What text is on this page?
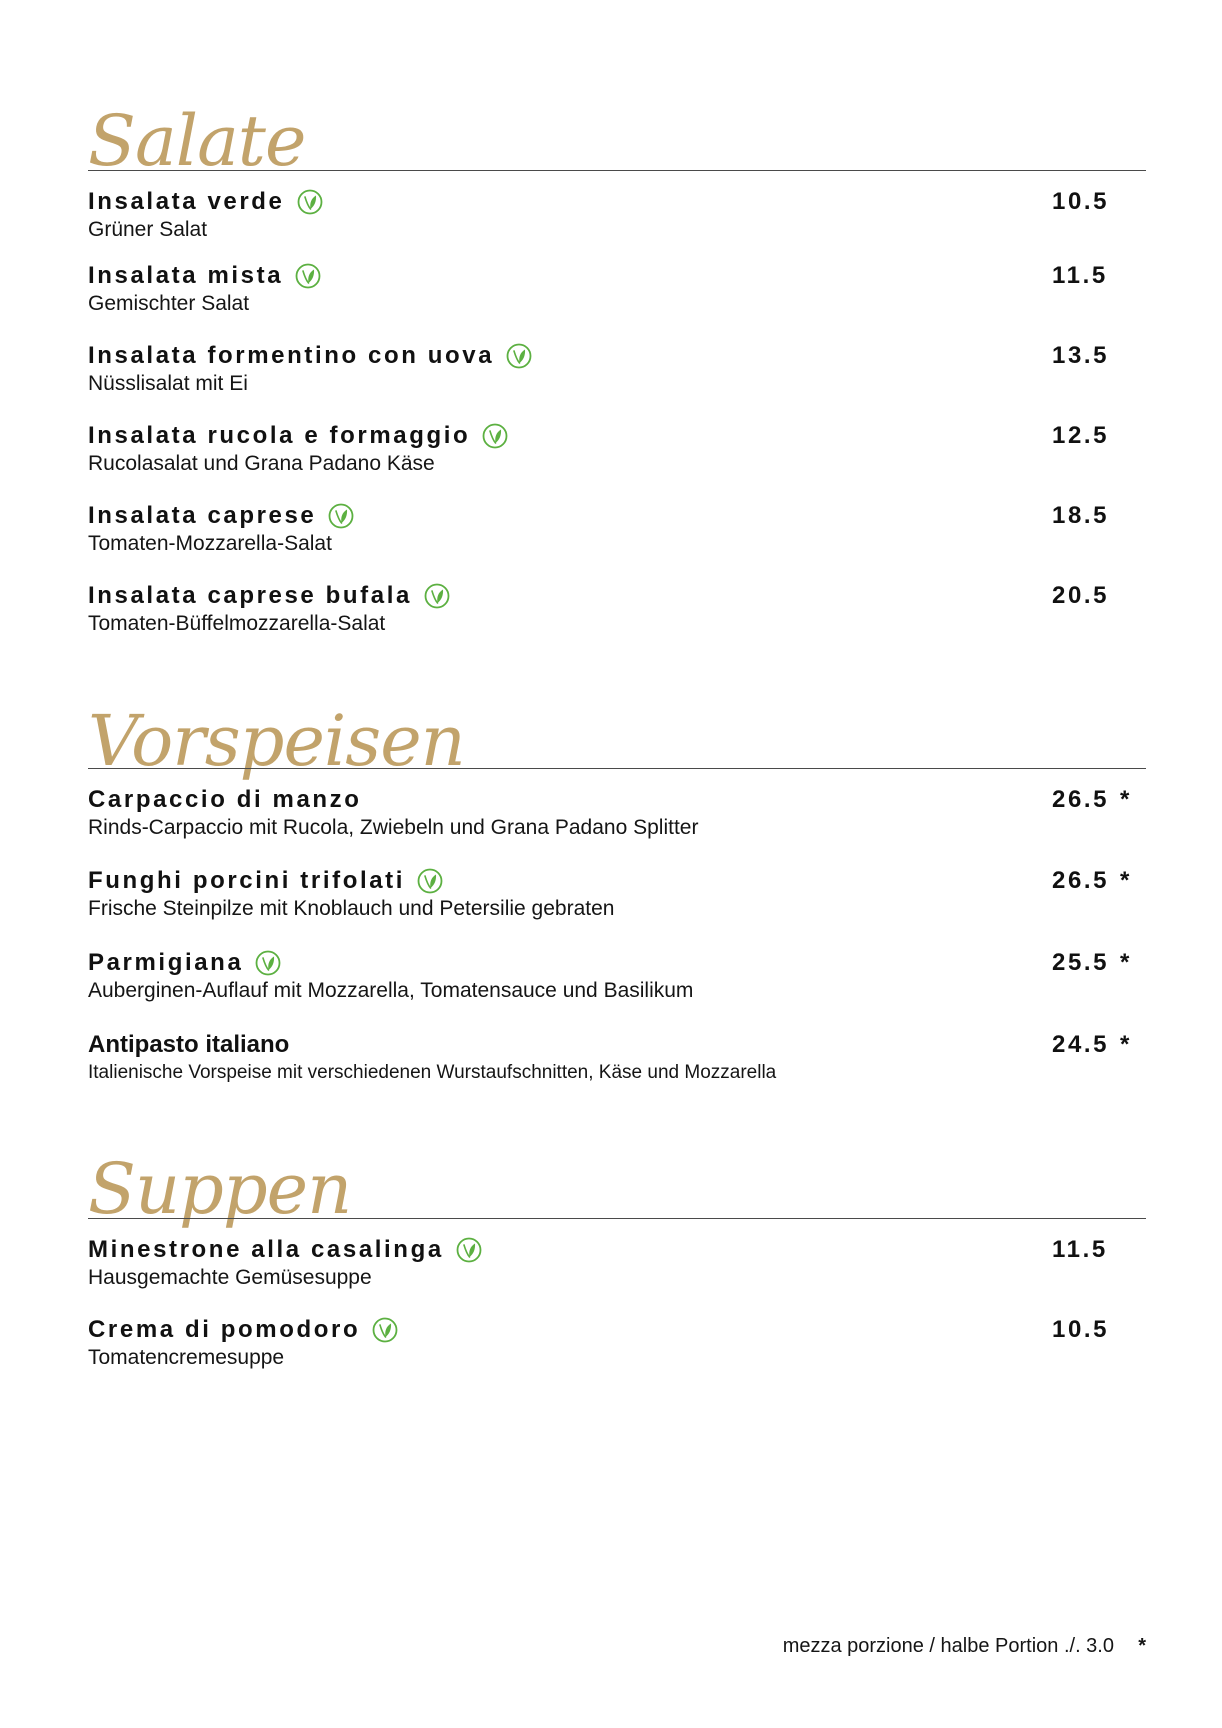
Salate
Insalata verde
Grüner Salat
10.5
Insalata mista
Gemischter Salat
11.5
Insalata formentino con uova
Nüsslisalat mit Ei
13.5
Insalata rucola e formaggio
Rucolasalat und Grana Padano Käse
12.5
Insalata caprese
Tomaten-Mozzarella-Salat
18.5
Insalata caprese bufala
Tomaten-Büffelmozzarella-Salat
20.5
Vorspeisen
Carpaccio di manzo
Rinds-Carpaccio mit Rucola, Zwiebeln und Grana Padano Splitter
26.5 *
Funghi porcini trifolati
Frische Steinpilze mit Knoblauch und Petersilie gebraten
26.5 *
Parmigiana
Auberginen-Auflauf mit Mozzarella, Tomatensauce und Basilikum
25.5 *
Antipasto italiano
Italienische Vorspeise mit verschiedenen Wurstaufschnitten, Käse und Mozzarella
24.5 *
Suppen
Minestrone alla casalinga
Hausgemachte Gemüsesuppe
11.5
Crema di pomodoro
Tomatencremesuppe
10.5
mezza porzione / halbe Portion ./. 3.0 *
